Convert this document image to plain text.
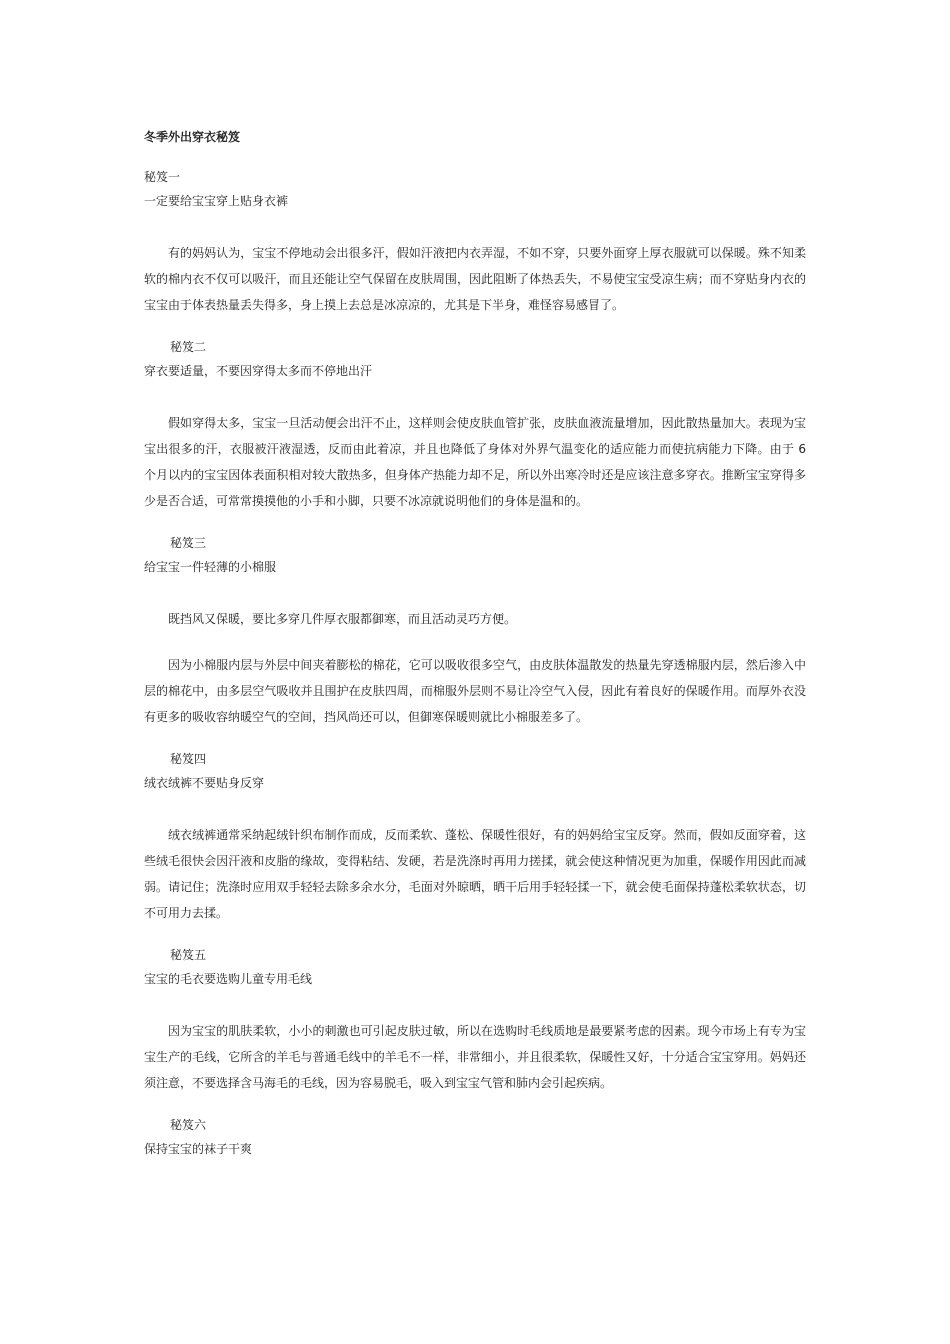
冬季外出穿衣秘笈
秘笈一
一定要给宝宝穿上贴身衣裤

有的妈妈认为，宝宝不停地动会出很多汗，假如汗液把内衣弄湿，不如不穿，只要外面穿上厚衣服就可以保暖。殊不知柔软的棉内衣不仅可以吸汗，而且还能让空气保留在皮肤周围，因此阻断了体热丢失，不易使宝宝受凉生病；而不穿贴身内衣的宝宝由于体表热量丢失得多，身上摸上去总是冰凉凉的，尤其是下半身，难怪容易感冒了。

秘笈二
穿衣要适量，不要因穿得太多而不停地出汗

假如穿得太多，宝宝一旦活动便会出汗不止，这样则会使皮肤血管扩张，皮肤血液流量增加，因此散热量加大。表现为宝宝出很多的汗，衣服被汗液湿透，反而由此着凉，并且也降低了身体对外界气温变化的适应能力而使抗病能力下降。由于 6 个月以内的宝宝因体表面积相对较大散热多，但身体产热能力却不足，所以外出寒冷时还是应该注意多穿衣。推断宝宝穿得多少是否合适，可常常摸摸他的小手和小脚，只要不冰凉就说明他们的身体是温和的。

秘笈三
给宝宝一件轻薄的小棉服

既挡风又保暖，要比多穿几件厚衣服都御寒，而且活动灵巧方便。

因为小棉服内层与外层中间夹着膨松的棉花，它可以吸收很多空气，由皮肤体温散发的热量先穿透棉服内层，然后渗入中层的棉花中，由多层空气吸收并且围护在皮肤四周，而棉服外层则不易让冷空气入侵，因此有着良好的保暖作用。而厚外衣没有更多的吸收容纳暖空气的空间，挡风尚还可以，但御寒保暖则就比小棉服差多了。

秘笈四
绒衣绒裤不要贴身反穿

绒衣绒裤通常采纳起绒针织布制作而成，反而柔软、蓬松、保暖性很好，有的妈妈给宝宝反穿。然而，假如反面穿着，这些绒毛很快会因汗液和皮脂的缘故，变得粘结、发硬，若是洗涤时再用力搓揉，就会使这种情况更为加重，保暖作用因此而减弱。请记住；洗涤时应用双手轻轻去除多余水分，毛面对外晾晒，晒干后用手轻轻揉一下，就会使毛面保持蓬松柔软状态，切不可用力去揉。

秘笈五
宝宝的毛衣要选购儿童专用毛线

因为宝宝的肌肤柔软，小小的刺激也可引起皮肤过敏，所以在选购时毛线质地是最要紧考虑的因素。现今市场上有专为宝宝生产的毛线，它所含的羊毛与普通毛线中的羊毛不一样，非常细小，并且很柔软，保暖性又好，十分适合宝宝穿用。妈妈还须注意，不要选择含马海毛的毛线，因为容易脱毛，吸入到宝宝气管和肺内会引起疾病。

秘笈六
保持宝宝的袜子干爽
